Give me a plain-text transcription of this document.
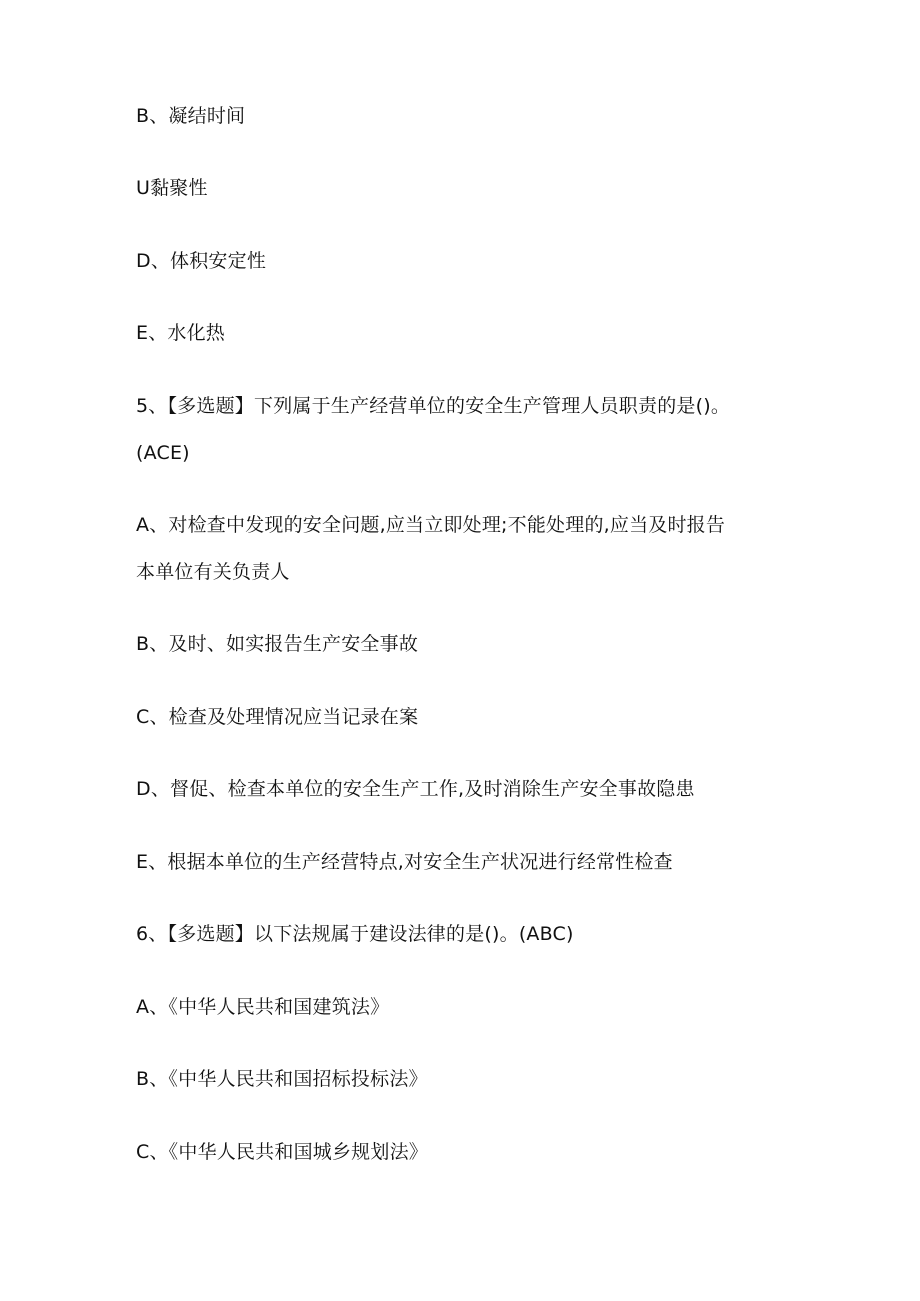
B、凝结时间
U黏聚性
D、体积安定性
E、水化热
5、【多选题】下列属于生产经营单位的安全生产管理人员职责的是()。
(ACE)
A、对检查中发现的安全问题,应当立即处理;不能处理的,应当及时报告
本单位有关负责人
B、及时、如实报告生产安全事故
C、检查及处理情况应当记录在案
D、督促、检查本单位的安全生产工作,及时消除生产安全事故隐患
E、根据本单位的生产经营特点,对安全生产状况进行经常性检查
6、【多选题】以下法规属于建设法律的是()。(ABC)
A、《中华人民共和国建筑法》
B、《中华人民共和国招标投标法》
C、《中华人民共和国城乡规划法》
